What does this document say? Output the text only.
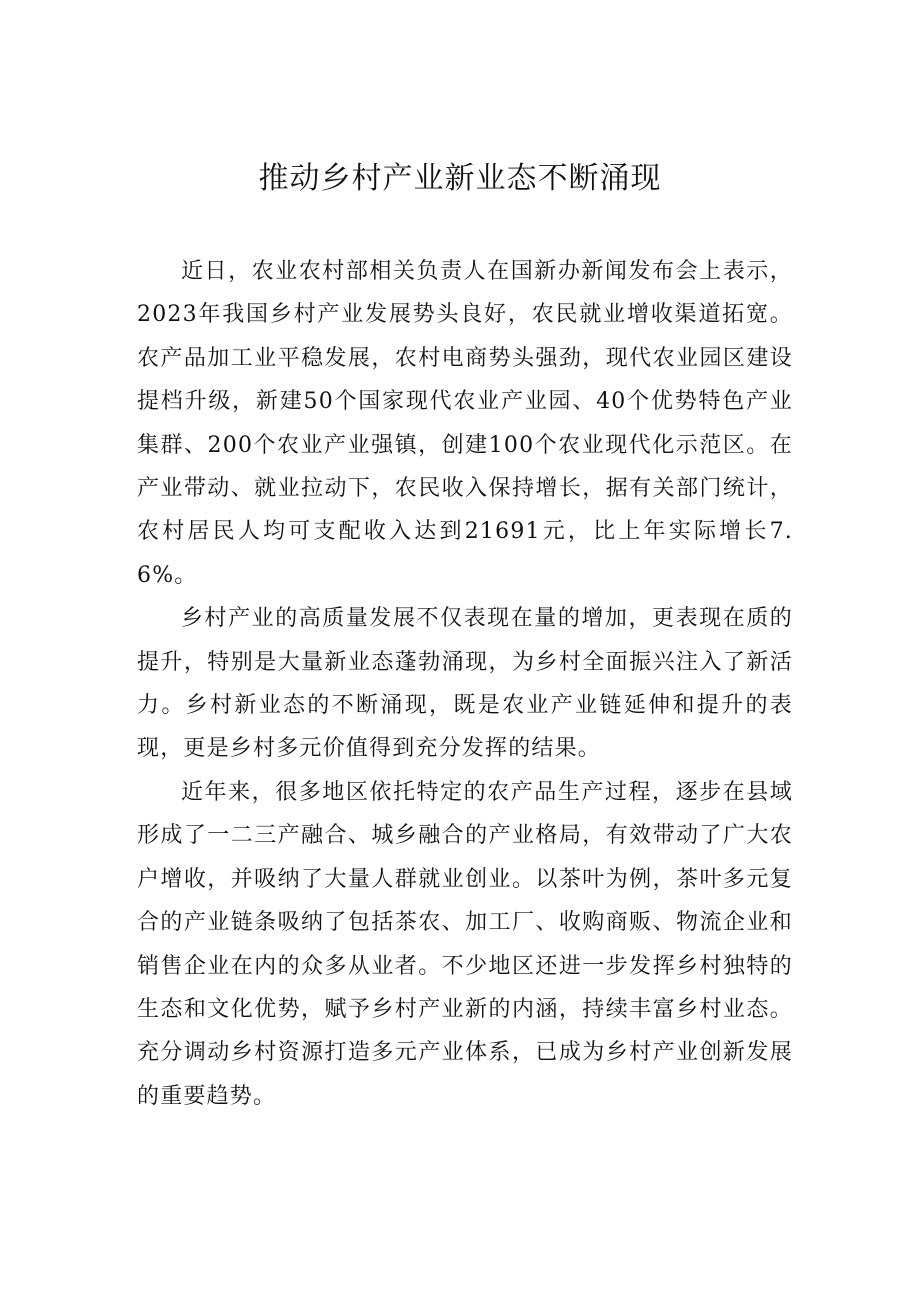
推动乡村产业新业态不断涌现

近日，农业农村部相关负责人在国新办新闻发布会上表示，2023年我国乡村产业发展势头良好，农民就业增收渠道拓宽。农产品加工业平稳发展，农村电商势头强劲，现代农业园区建设提档升级，新建50个国家现代农业产业园、40个优势特色产业集群、200个农业产业强镇，创建100个农业现代化示范区。在产业带动、就业拉动下，农民收入保持增长，据有关部门统计，农村居民人均可支配收入达到21691元，比上年实际增长7.6%。

乡村产业的高质量发展不仅表现在量的增加，更表现在质的提升，特别是大量新业态蓬勃涌现，为乡村全面振兴注入了新活力。乡村新业态的不断涌现，既是农业产业链延伸和提升的表现，更是乡村多元价值得到充分发挥的结果。

近年来，很多地区依托特定的农产品生产过程，逐步在县域形成了一二三产融合、城乡融合的产业格局，有效带动了广大农户增收，并吸纳了大量人群就业创业。以茶叶为例，茶叶多元复合的产业链条吸纳了包括茶农、加工厂、收购商贩、物流企业和销售企业在内的众多从业者。不少地区还进一步发挥乡村独特的生态和文化优势，赋予乡村产业新的内涵，持续丰富乡村业态。充分调动乡村资源打造多元产业体系，已成为乡村产业创新发展的重要趋势。
